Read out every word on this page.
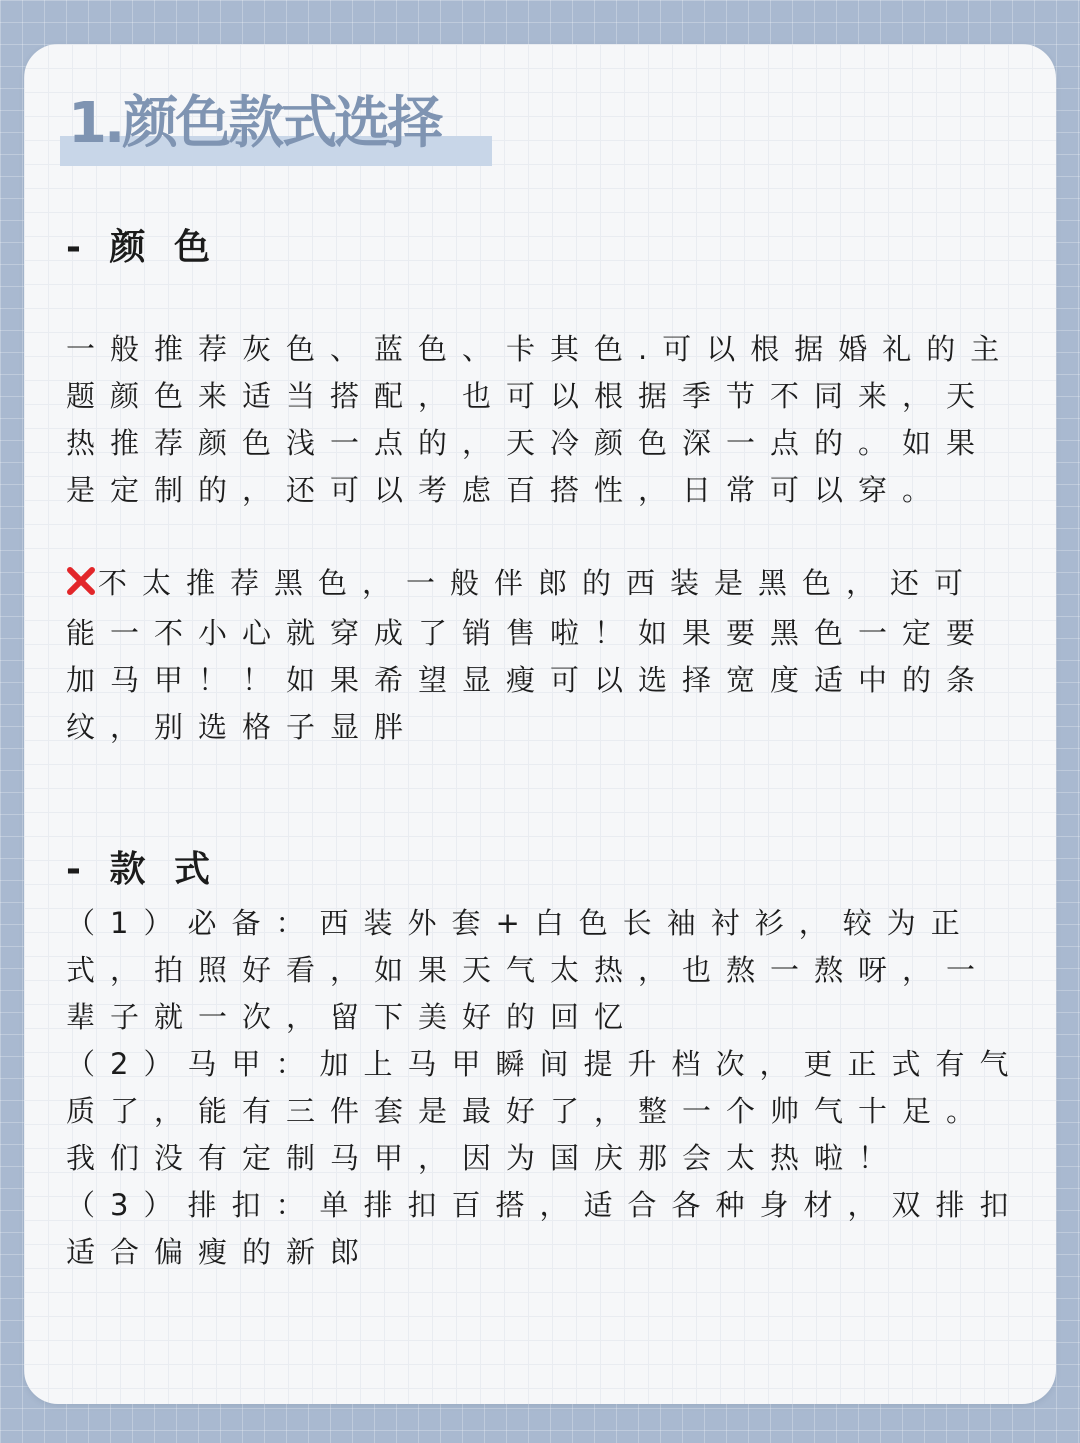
1.颜色款式选择
- 颜 色

一般推荐灰色、蓝色、卡其色.可以根据婚礼的主

题颜色来适当搭配，也可以根据季节不同来，天

热推荐颜色浅一点的，天冷颜色深一点的。如果

是定制的，还可以考虑百搭性，日常可以穿。

不太推荐黑色，一般伴郎的西装是黑色，还可

能一不小心就穿成了销售啦！如果要黑色一定要

加马甲！！如果希望显瘦可以选择宽度适中的条

纹，别选格子显胖

- 款 式

（1）必备：西装外套+白色长袖衬衫，较为正

式，拍照好看，如果天气太热，也熬一熬呀，一

辈子就一次，留下美好的回忆

（2）马甲：加上马甲瞬间提升档次，更正式有气

质了，能有三件套是最好了，整一个帅气十足。

我们没有定制马甲，因为国庆那会太热啦！

（3）排扣：单排扣百搭，适合各种身材，双排扣

适合偏瘦的新郎
